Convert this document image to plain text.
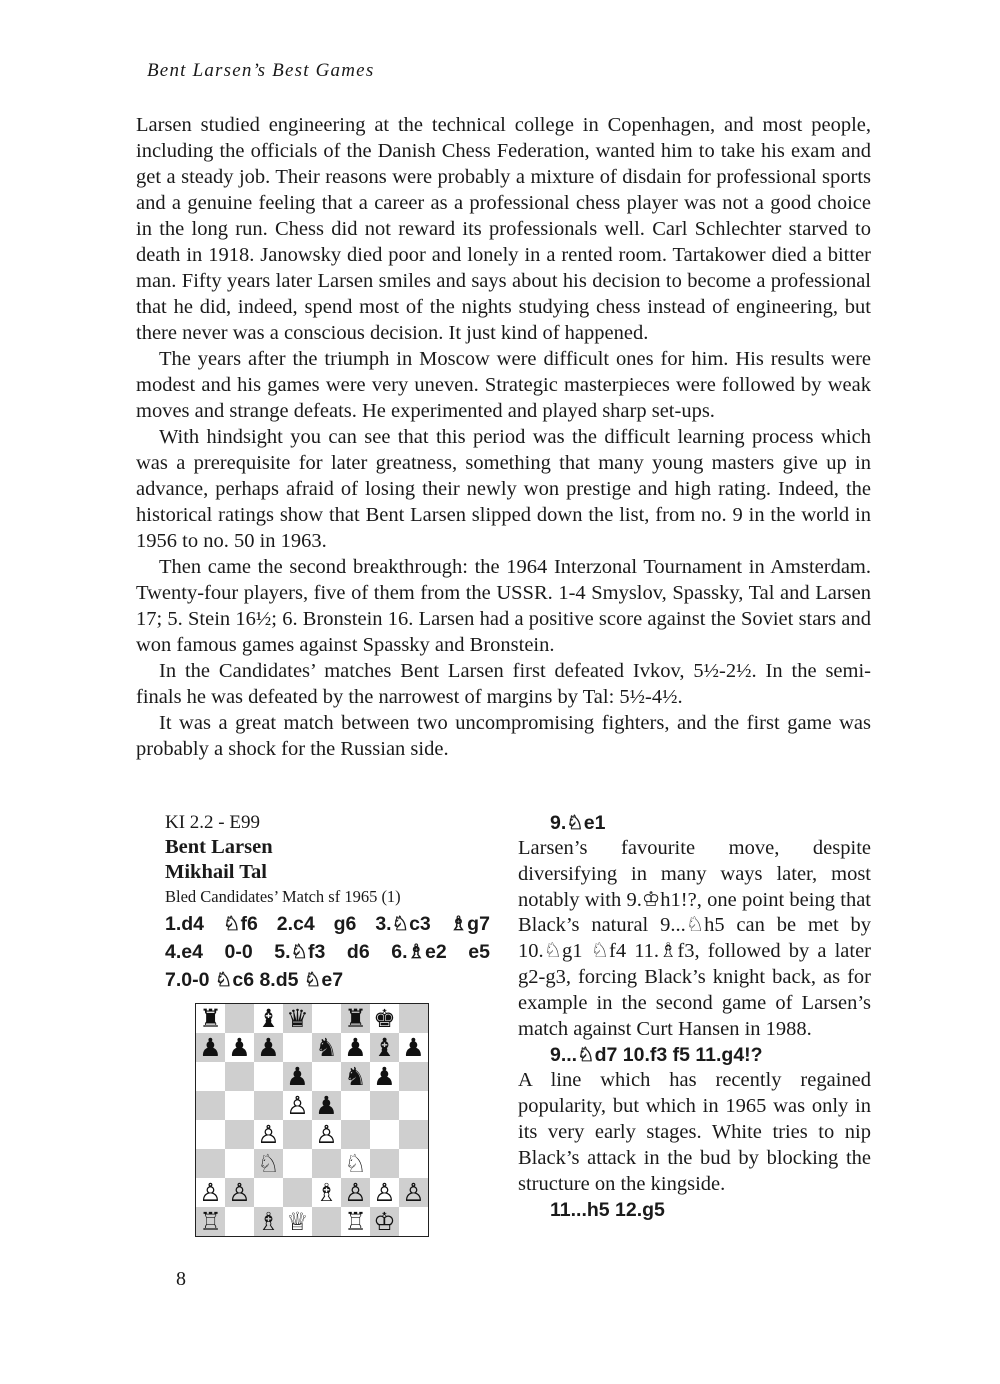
Bent Larsen’s Best Games

Larsen studied engineering at the technical college in Copenhagen, and most people, including the officials of the Danish Chess Federation, wanted him to take his exam and get a steady job. Their reasons were probably a mixture of disdain for professional sports and a genuine feeling that a career as a professional chess player was not a good choice in the long run. Chess did not reward its professionals well. Carl Schlechter starved to death in 1918. Janowsky died poor and lonely in a rented room. Tartakower died a bitter man. Fifty years later Larsen smiles and says about his decision to become a professional that he did, indeed, spend most of the nights studying chess instead of engineering, but there never was a conscious decision. It just kind of happened.

The years after the triumph in Moscow were difficult ones for him. His results were modest and his games were very uneven. Strategic masterpieces were followed by weak moves and strange defeats. He experimented and played sharp set-ups.

With hindsight you can see that this period was the difficult learning process which was a prerequisite for later greatness, something that many young masters give up in advance, perhaps afraid of losing their newly won prestige and high rating. Indeed, the historical ratings show that Bent Larsen slipped down the list, from no. 9 in the world in 1956 to no. 50 in 1963.

Then came the second breakthrough: the 1964 Interzonal Tournament in Amsterdam. Twenty-four players, five of them from the USSR. 1-4 Smyslov, Spassky, Tal and Larsen 17; 5. Stein 16½; 6. Bronstein 16. Larsen had a positive score against the Soviet stars and won famous games against Spassky and Bronstein.

In the Candidates’ matches Bent Larsen first defeated Ivkov, 5½-2½. In the semi-finals he was defeated by the narrowest of margins by Tal: 5½-4½.

It was a great match between two uncompromising fighters, and the first game was probably a shock for the Russian side.

KI 2.2 - E99
Bent Larsen
Mikhail Tal
Bled Candidates’ Match sf 1965 (1)
1.d4 ♘f6 2.c4 g6 3.♘c3 ♗g7
4.e4 0-0 5.♘f3 d6 6.♗e2 e5
7.0-0 ♘c6 8.d5 ♘e7
♜ ♝ ♛ ♜ ♚
♟ ♟ ♟ ♞ ♟ ♝ ♟
♟ ♞ ♟
♙ ♟
♙ ♙
♘	♘
♙ ♙	♗ ♙ ♙ ♙
♖ ♗ ♕ ♖ ♔
9.♘e1

Larsen’s favourite move, despite diversifying in many ways later, most notably with 9.♔h1!?, one point being that Black’s natural 9...♘h5 can be met by 10.♘g1 ♘f4 11.♗f3, followed by a later g2-g3, forcing Black’s knight back, as for example in the second game of Larsen’s match against Curt Hansen in 1988.

9...♘d7 10.f3 f5 11.g4!?

A line which has recently regained popularity, but which in 1965 was only in its very early stages. White tries to nip Black’s attack in the bud by blocking the structure on the kingside.

11...h5 12.g5
8
